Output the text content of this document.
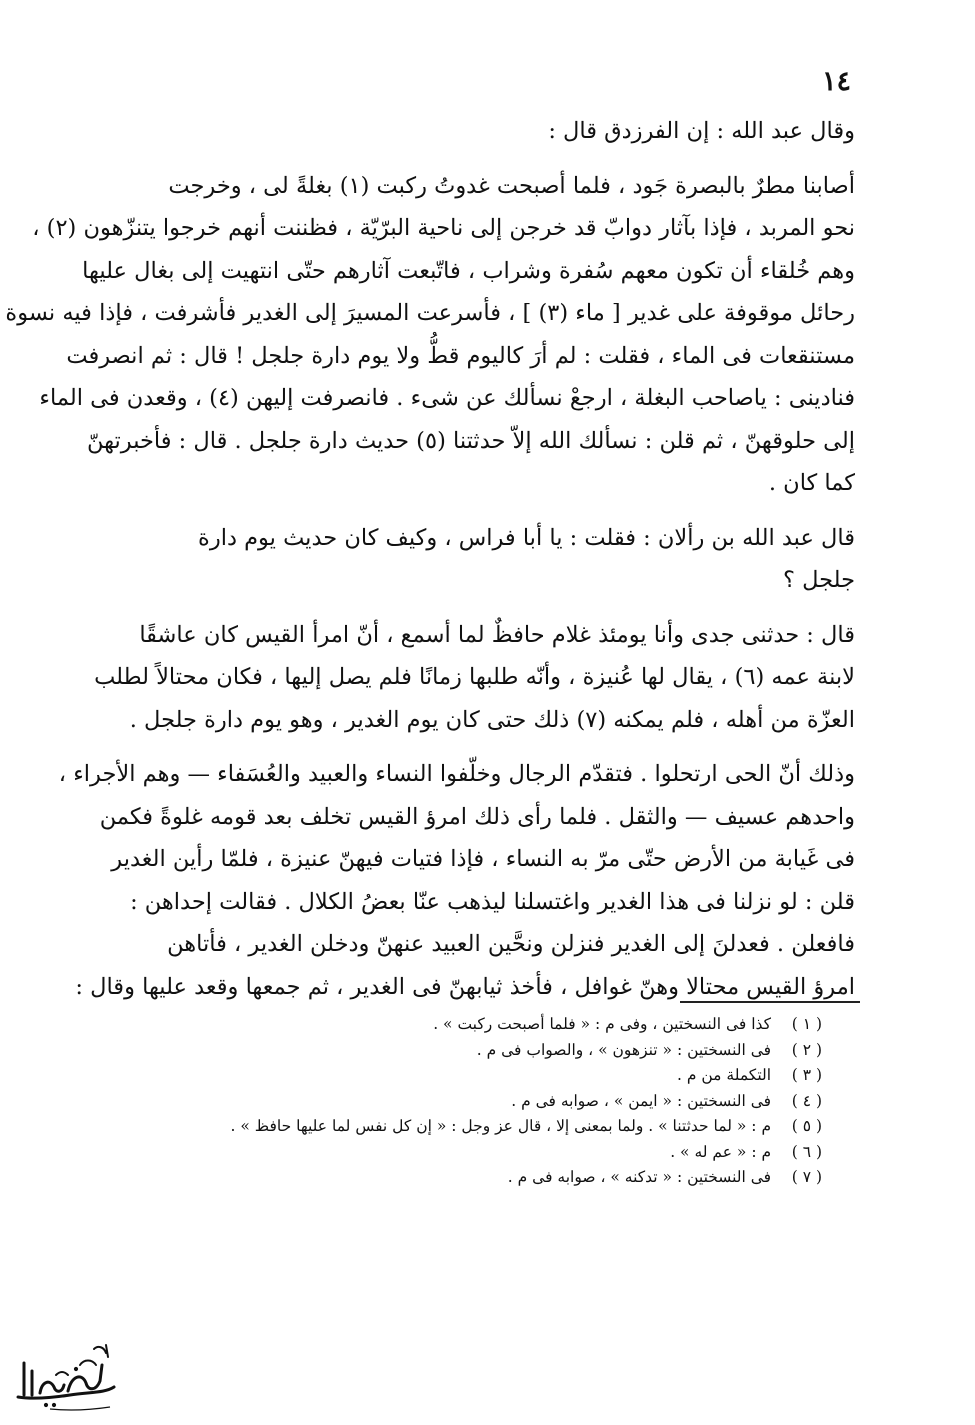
١٤

وقال عبد الله : إن الفرزدق قال :

أصابنا مطرٌ بالبصرة جَود ، فلما أصبحت غدوتُ ركبت (١) بغلةً لى ، وخرجت
نحو المربد ، فإذا بآثار دوابّ قد خرجن إلى ناحية البرّيّة ، فظننت أنهم خرجوا يتنزّهون (٢) ،
وهم خُلقاء أن تكون معهم سُفرة وشراب ، فاتّبعت آثارهم حتّى انتهيت إلى بغال عليها
رحائل موقوفة على غدير [ ماء (٣) ] ، فأسرعت المسيرَ إلى الغدير فأشرفت ، فإذا فيه نسوة
مستنقعات فى الماء ، فقلت : لم أرَ كاليوم قطُّ ولا يوم دارة جلجل ! قال : ثم انصرفت
فنادينى : ياصاحب البغلة ، ارجعْ نسألك عن شىء . فانصرفت إليهن (٤) ، وقعدن فى الماء
إلى حلوقهنّ ، ثم قلن : نسألك الله إلاّ حدثتنا (٥) حديث دارة جلجل . قال : فأخبرتهنّ
كما كان .

قال عبد الله بن رألان : فقلت : يا أبا فراس ، وكيف كان حديث يوم دارة
جلجل ؟

قال : حدثنى جدى وأنا يومئذ غلام حافظٌ لما أسمع ، أنّ امرأ القيس كان عاشقًا
لابنة عمه (٦) ، يقال لها عُنيزة ، وأنّه طلبها زمانًا فلم يصل إليها ، فكان محتالاً لطلب
العزّة من أهله ، فلم يمكنه (٧) ذلك حتى كان يوم الغدير ، وهو يوم دارة جلجل .

وذلك أنّ الحى ارتحلوا . فتقدّم الرجال وخلّفوا النساء والعبيد والعُسَفاء — وهم الأجراء ،
واحدهم عسيف — والثقل . فلما رأى ذلك امرؤ القيس تخلف بعد قومه غلوةً فكمن
فى غَيابة من الأرض حتّى مرّ به النساء ، فإذا فتيات فيهنّ عنيزة ، فلمّا رأين الغدير
قلن : لو نزلنا فى هذا الغدير واغتسلنا ليذهب عنّا بعضُ الكلال . فقالت إحداهن :
فافعلن . فعدلنَ إلى الغدير فنزلن ونحَّين العبيد عنهنّ ودخلن الغدير ، فأتاهن
امرؤ القيس محتالا وهنّ غوافل ، فأخذ ثيابهنّ فى الغدير ، ثم جمعها وقعد عليها وقال :

( ١ ) كذا فى النسختين ، وفى م : « فلما أصبحت ركبت » .
( ٢ ) فى النسختين : « تنزهون » ، والصواب فى م .
( ٣ ) التكملة من م .
( ٤ ) فى النسختين : « ايمن » ، صوابه فى م .
( ٥ ) م : « لما حدثتنا » . ولما بمعنى إلا ، قال عز وجل : « إن كل نفس لما عليها حافظ » .
( ٦ ) م : « عم له » .
( ٧ ) فى النسختين : « تدكنه » ، صوابه فى م .
